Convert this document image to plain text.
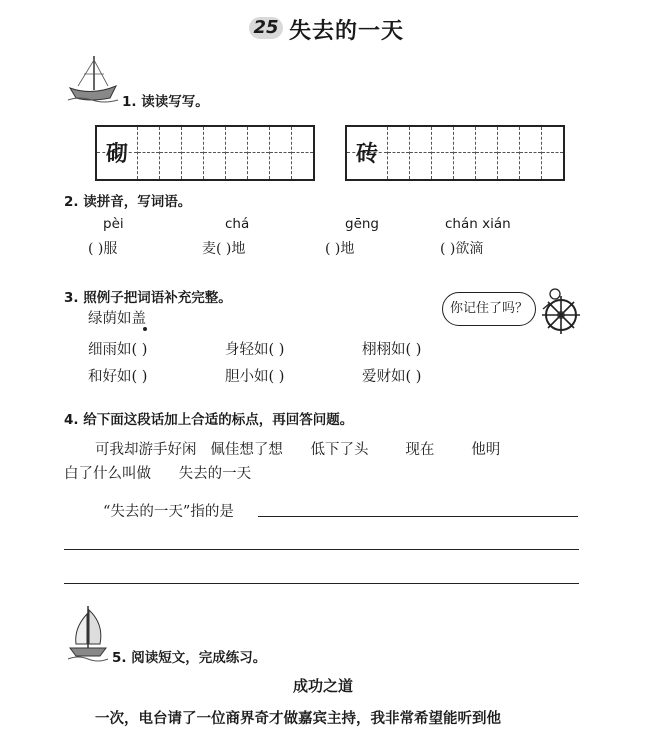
25 失去的一天
1. 读读写写。
砌	砖
2. 读拼音，写词语。
pèi	chá	gēng	chán xián
( )服	麦( )地	( )地	( )欲滴
3. 照例子把词语补充完整。
绿荫如盖
你记住了吗？
细雨如( )	身轻如( )	栩栩如( )
和好如( )	胆小如( )	爱财如( )
4. 给下面这段话加上合适的标点，再回答问题。
可我却游手好闲   佩佳想了想      低下了头        现在        他明
白了什么叫做      失去的一天
“失去的一天”指的是
5. 阅读短文，完成练习。
成功之道
一次，电台请了一位商界奇才做嘉宾主持，我非常希望能听到他
